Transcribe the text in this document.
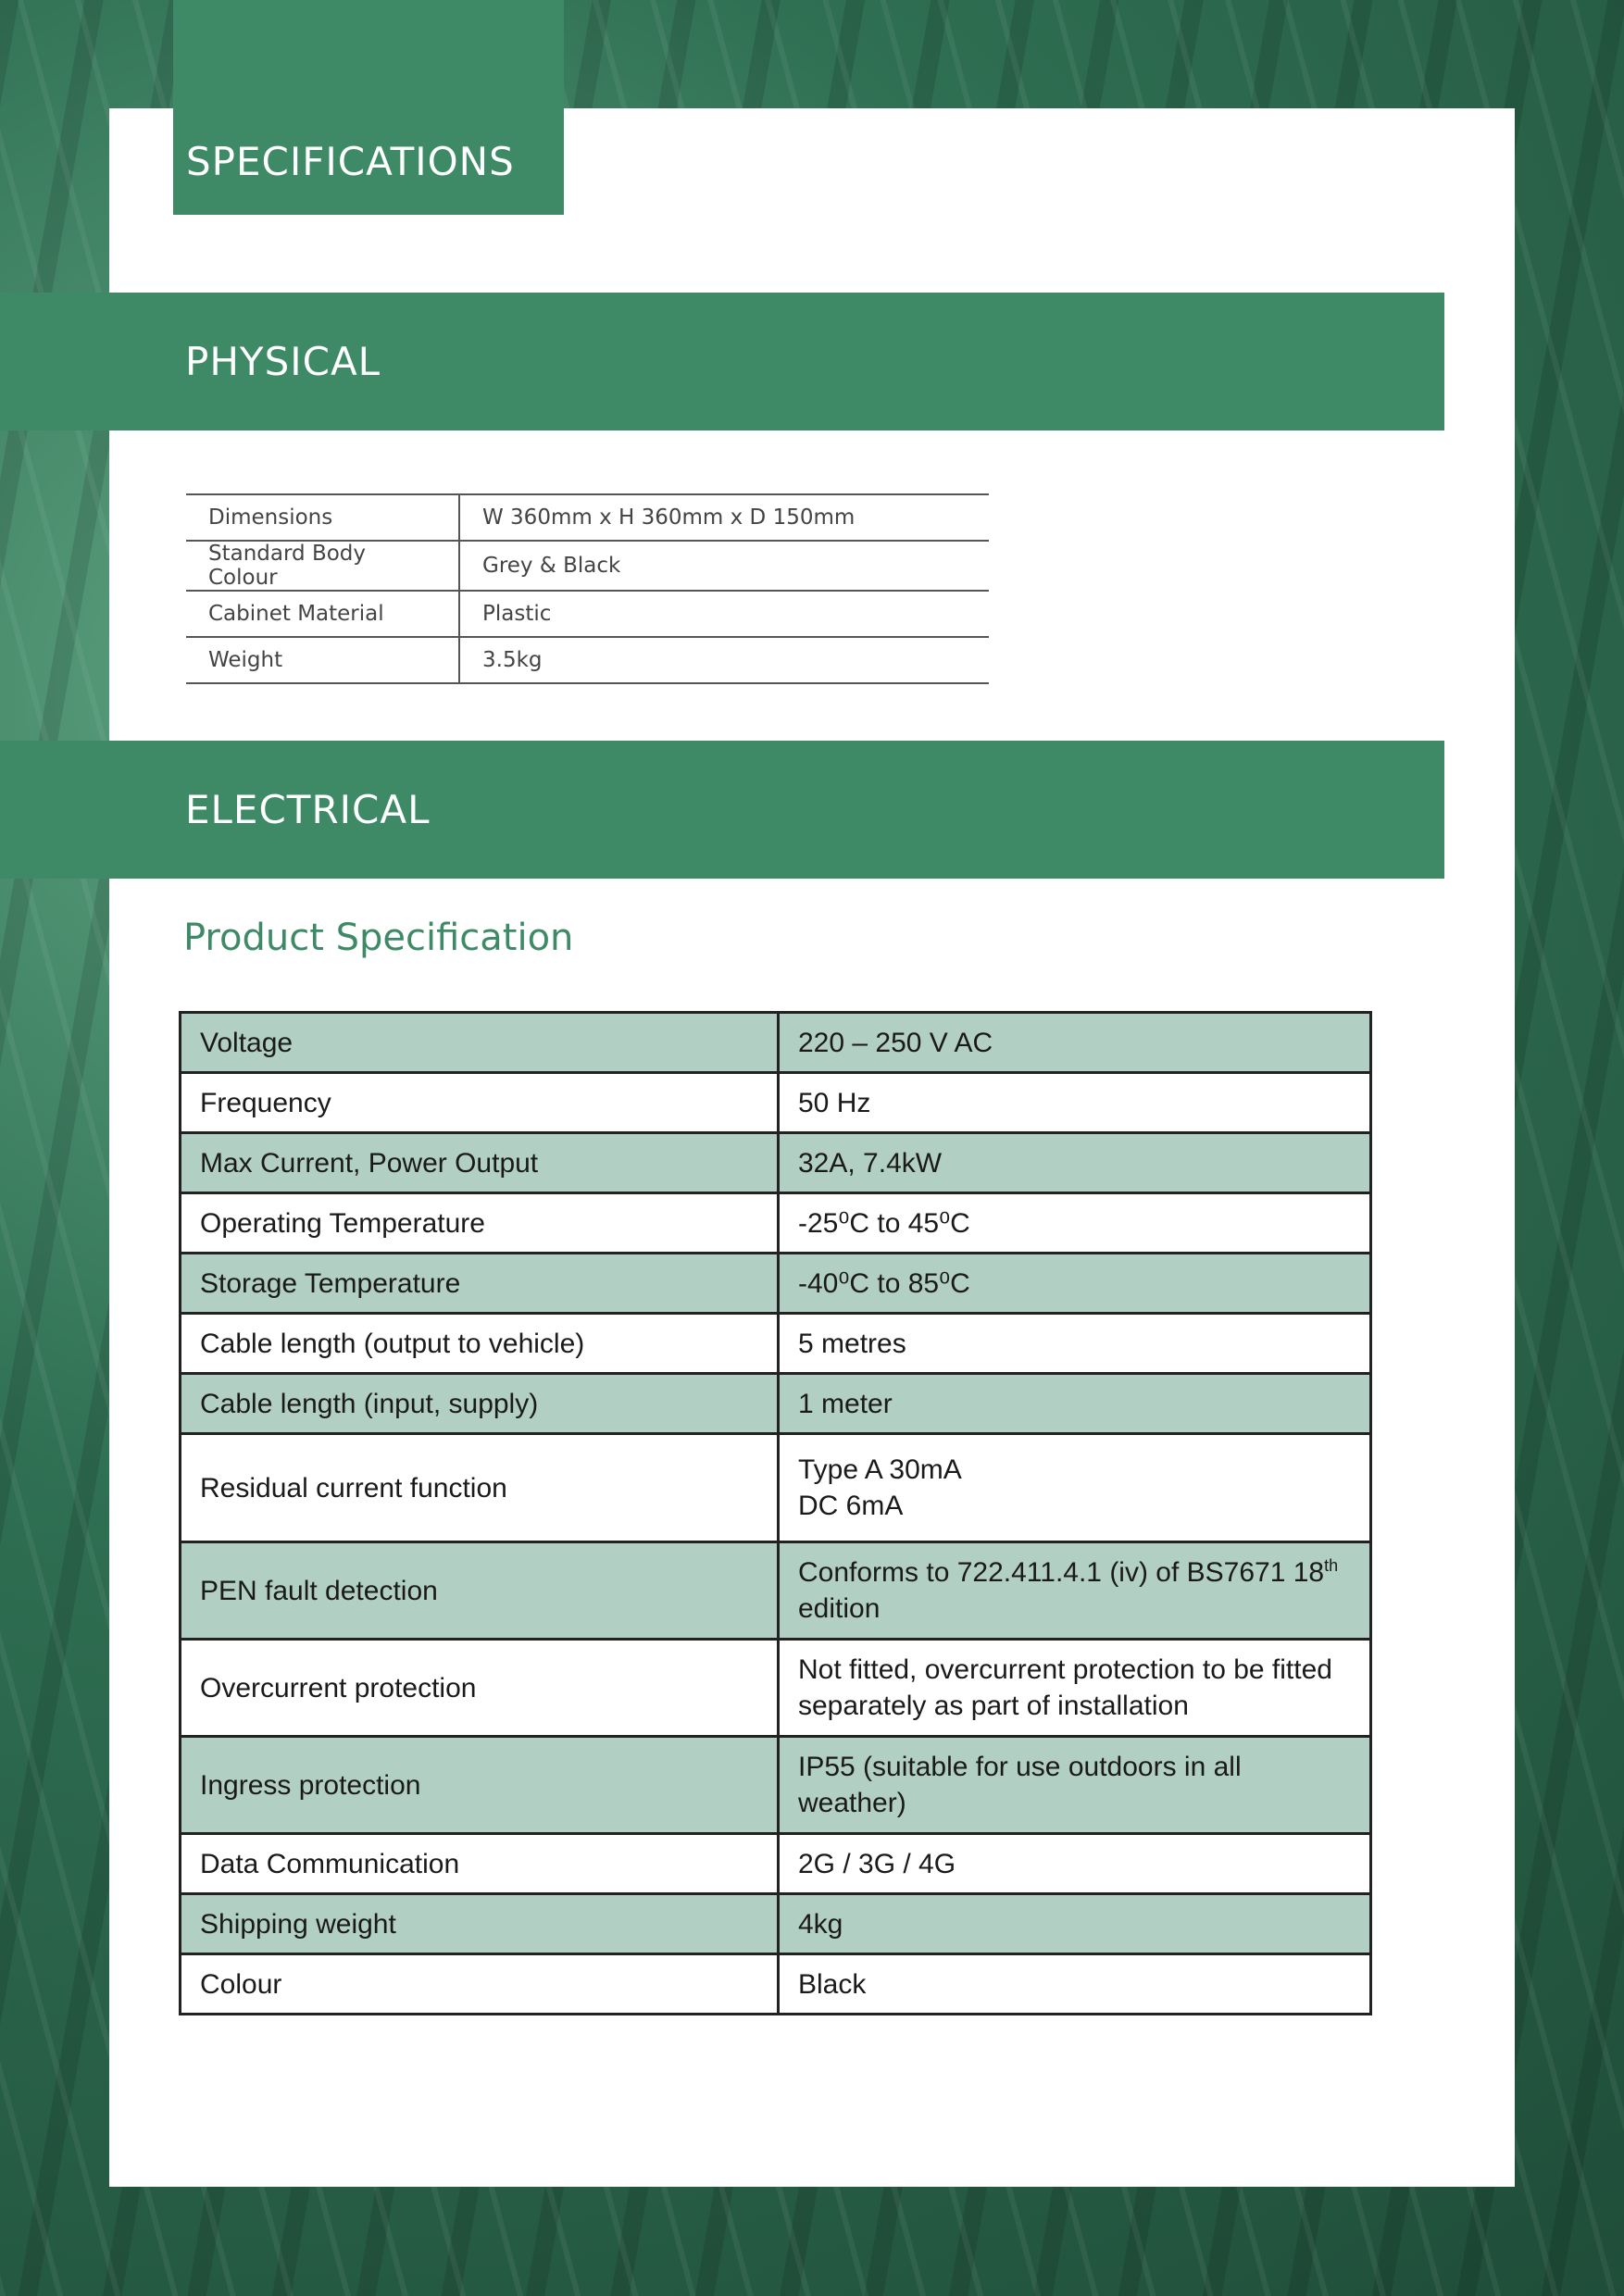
SPECIFICATIONS
PHYSICAL
Dimensions	W 360mm x H 360mm x D 150mm
Standard Body Colour	Grey & Black
Cabinet Material	Plastic
Weight	3.5kg
ELECTRICAL
Product Specification
Voltage	220 – 250 V AC
Frequency	50 Hz
Max Current, Power Output	32A, 7.4kW
Operating Temperature	-25⁰C to 45⁰C
Storage Temperature	-40⁰C to 85⁰C
Cable length (output to vehicle)	5 metres
Cable length (input, supply)	1 meter
Residual current function	Type A 30mA
DC 6mA

PEN fault detection	Conforms to 722.411.4.1 (iv) of BS7671 18th
edition
Overcurrent protection	Not fitted, overcurrent protection to be fitted separately as part of installation
Ingress protection	IP55 (suitable for use outdoors in all weather)
Data Communication	2G / 3G / 4G
Shipping weight	4kg
Colour	Black
